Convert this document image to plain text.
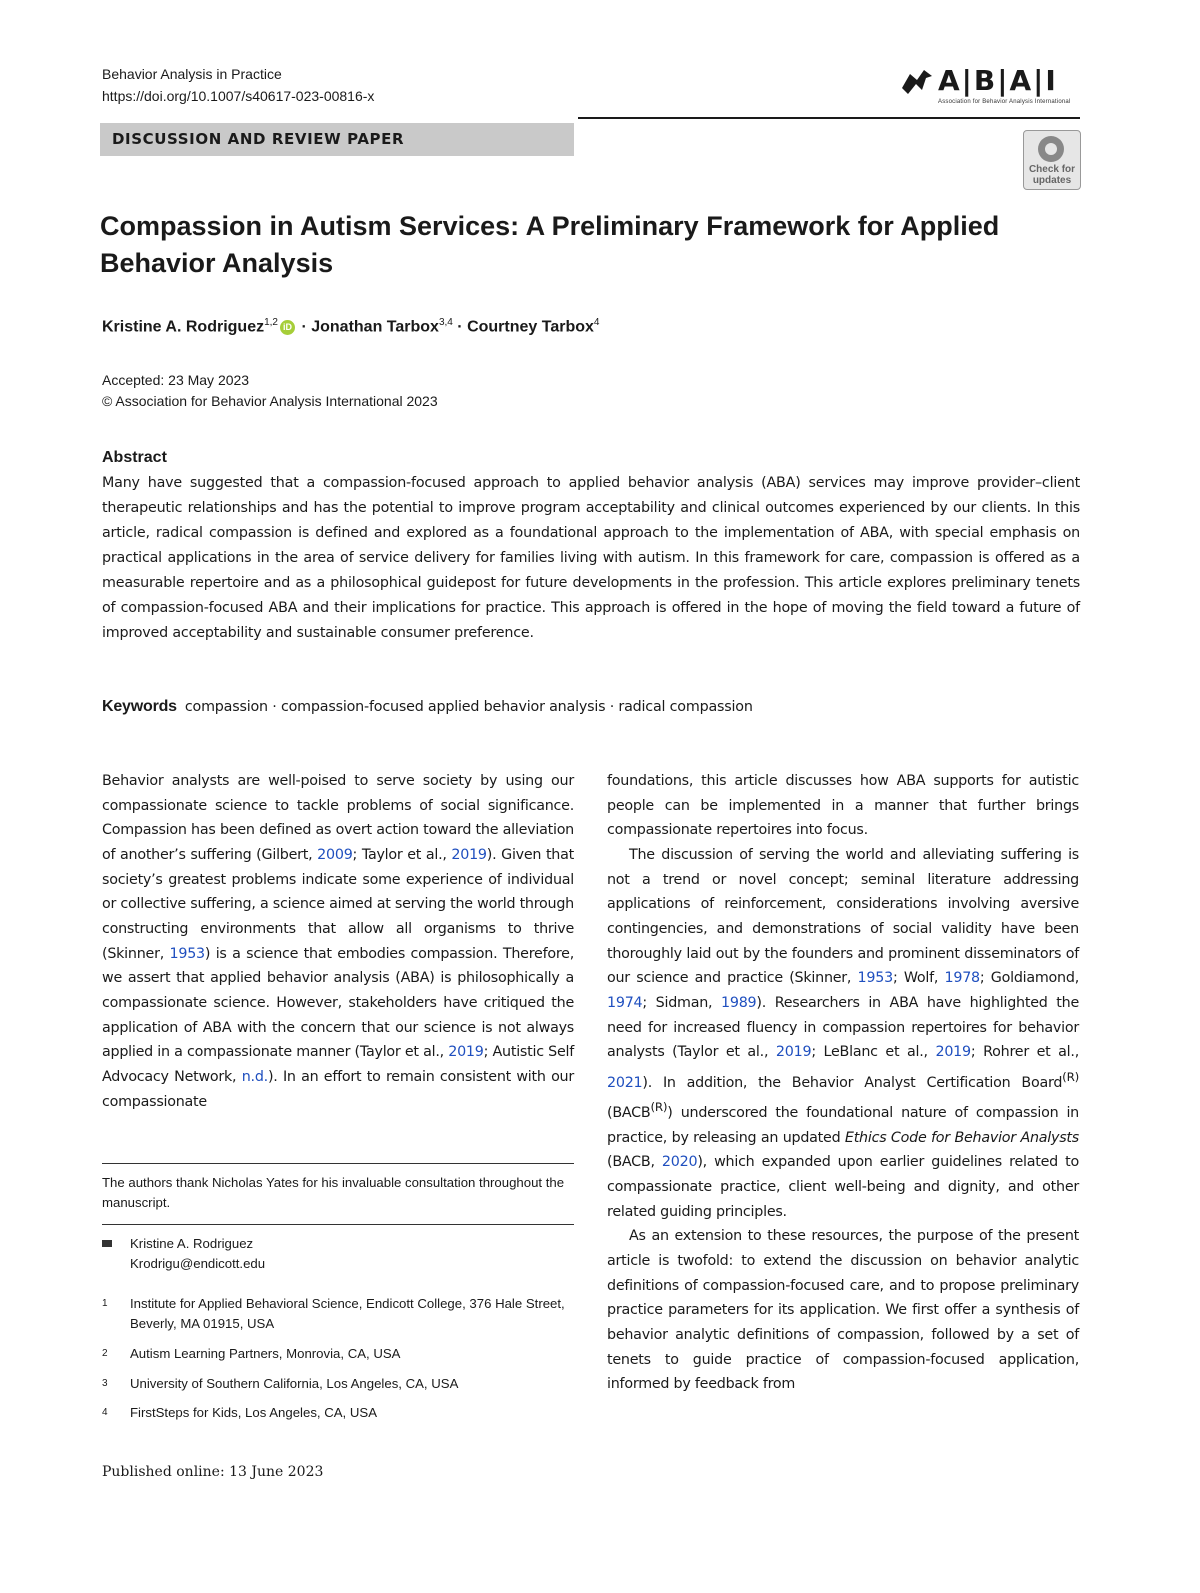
Behavior Analysis in Practice
https://doi.org/10.1007/s40617-023-00816-x	A|B|A|I
Association for Behavior Analysis International
DISCUSSION AND REVIEW PAPER
Check for updates
Compassion in Autism Services: A Preliminary Framework for Applied Behavior Analysis
Kristine A. Rodriguez$^{1,2}$ iD · Jonathan Tarbox$^{3,4}$ · Courtney Tarbox$^4$
Accepted: 23 May 2023
© Association for Behavior Analysis International 2023
Abstract
Many have suggested that a compassion-focused approach to applied behavior analysis (ABA) services may improve provider–client therapeutic relationships and has the potential to improve program acceptability and clinical outcomes experienced by our clients. In this article, radical compassion is defined and explored as a foundational approach to the implementation of ABA, with special emphasis on practical applications in the area of service delivery for families living with autism. In this framework for care, compassion is offered as a measurable repertoire and as a philosophical guidepost for future developments in the profession. This article explores preliminary tenets of compassion-focused ABA and their implications for practice. This approach is offered in the hope of moving the field toward a future of improved acceptability and sustainable consumer preference.
Keywords compassion · compassion-focused applied behavior analysis · radical compassion

Behavior analysts are well-poised to serve society by using our compassionate science to tackle problems of social significance. Compassion has been defined as overt action toward the alleviation of another’s suffering (Gilbert, 2009; Taylor et al., 2019). Given that society’s greatest problems indicate some experience of individual or collective suffering, a science aimed at serving the world through constructing environments that allow all organisms to thrive (Skinner, 1953) is a science that embodies compassion. Therefore, we assert that applied behavior analysis (ABA) is philosophically a compassionate science. However, stakeholders have critiqued the application of ABA with the concern that our science is not always applied in a compassionate manner (Taylor et al., 2019; Autistic Self Advocacy Network, n.d.). In an effort to remain consistent with our compassionate

foundations, this article discusses how ABA supports for autistic people can be implemented in a manner that further brings compassionate repertoires into focus.

The discussion of serving the world and alleviating suffering is not a trend or novel concept; seminal literature addressing applications of reinforcement, considerations involving aversive contingencies, and demonstrations of social validity have been thoroughly laid out by the founders and prominent disseminators of our science and practice (Skinner, 1953; Wolf, 1978; Goldiamond, 1974; Sidman, 1989). Researchers in ABA have highlighted the need for increased fluency in compassion repertoires for behavior analysts (Taylor et al., 2019; LeBlanc et al., 2019; Rohrer et al., 2021). In addition, the Behavior Analyst Certification Board$^{(R)}$ $(BACB^{(R)})$ underscored the foundational nature of compassion in practice, by releasing an updated Ethics Code for Behavior Analysts (BACB, 2020), which expanded upon earlier guidelines related to compassionate practice, client well-being and dignity, and other related guiding principles.

As an extension to these resources, the purpose of the present article is twofold: to extend the discussion on behavior analytic definitions of compassion-focused care, and to propose preliminary practice parameters for its application. We first offer a synthesis of behavior analytic definitions of compassion, followed by a set of tenets to guide practice of compassion-focused application, informed by feedback from

The authors thank Nicholas Yates for his invaluable consultation throughout the manuscript.
Kristine A. Rodriguez
Krodrigu@endicott.edu
1	Institute for Applied Behavioral Science, Endicott College, 376 Hale Street, Beverly, MA 01915, USA
2	Autism Learning Partners, Monrovia, CA, USA
3	University of Southern California, Los Angeles, CA, USA
4	FirstSteps for Kids, Los Angeles, CA, USA
Published online: 13 June 2023
